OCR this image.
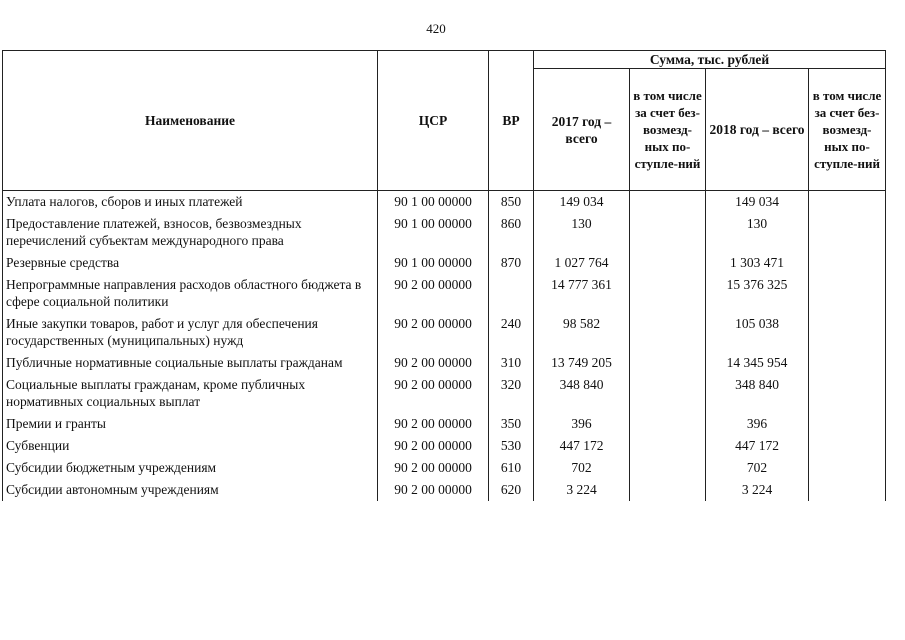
420
Наименование	ЦСР	ВР	Сумма, тыс. рублей			
			2017 год – всего	в том числе за счет без-возмезд-ных по-ступле-ний	2018 год – всего	в том числе за счет без-возмезд-ных по-ступле-ний
Уплата налогов, сборов и иных платежей	90 1 00 00000	850	149 034		149 034	
Предоставление платежей, взносов, безвозмездных перечислений субъектам международного права	90 1 00 00000	860	130		130	
Резервные средства	90 1 00 00000	870	1 027 764		1 303 471	
Непрограммные направления расходов областного бюджета в сфере социальной политики	90 2 00 00000		14 777 361		15 376 325	
Иные закупки товаров, работ и услуг для обеспечения государственных (муниципальных) нужд	90 2 00 00000	240	98 582		105 038	
Публичные нормативные социальные выплаты гражданам	90 2 00 00000	310	13 749 205		14 345 954	
Социальные выплаты гражданам, кроме публичных нормативных социальных выплат	90 2 00 00000	320	348 840		348 840	
Премии и гранты	90 2 00 00000	350	396		396	
Субвенции	90 2 00 00000	530	447 172		447 172	
Субсидии бюджетным учреждениям	90 2 00 00000	610	702		702	
Субсидии автономным учреждениям	90 2 00 00000	620	3 224		3 224	
